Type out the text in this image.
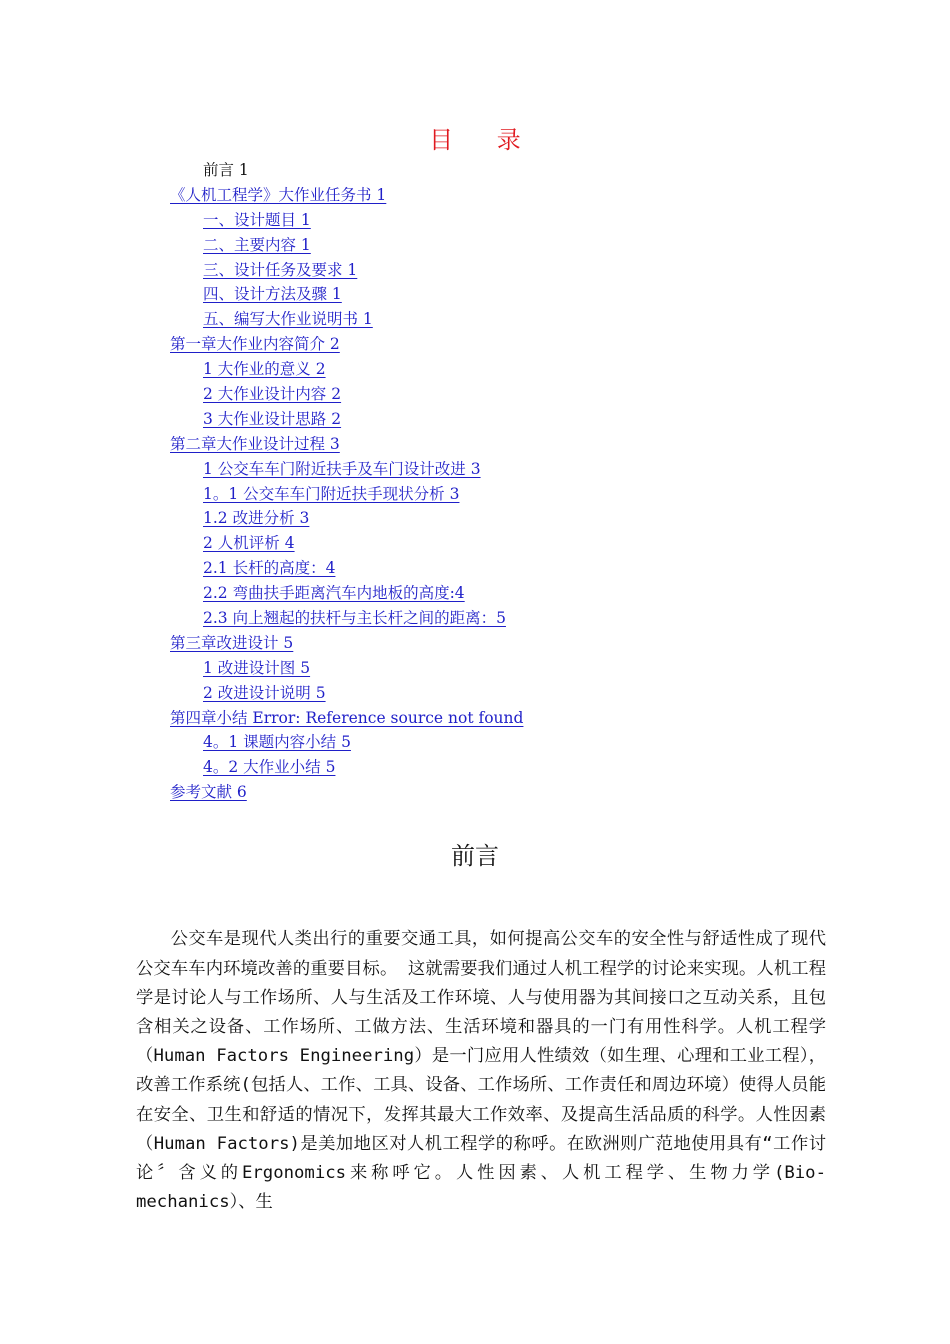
目 录
前言 1
《人机工程学》大作业任务书 1
一、设计题目 1
二、主要内容 1
三、设计任务及要求 1
四、设计方法及骤 1
五、编写大作业说明书 1
第一章大作业内容简介 2
1 大作业的意义 2
2 大作业设计内容 2
3 大作业设计思路 2
第二章大作业设计过程 3
1 公交车车门附近扶手及车门设计改进 3
1。1 公交车车门附近扶手现状分析 3
1.2 改进分析 3
2 人机评析 4
2.1 长杆的高度：4
2.2 弯曲扶手距离汽车内地板的高度:4
2.3 向上翘起的扶杆与主长杆之间的距离：5
第三章改进设计 5
1 改进设计图 5
2 改进设计说明 5
第四章小结 Error: Reference source not found
4。1 课题内容小结 5
4。2 大作业小结 5
参考文献 6
前言

公交车是现代人类出行的重要交通工具，如何提高公交车的安全性与舒适性成了现代公交车车内环境改善的重要目标。 这就需要我们通过人机工程学的讨论来实现。人机工程学是讨论人与工作场所、人与生活及工作环境、人与使用器为其间接口之互动关系，且包含相关之设备、工作场所、工做方法、生活环境和器具的一门有用性科学。人机工程学（Human Factors Engineering）是一门应用人性绩效（如生理、心理和工业工程），改善工作系统(包括人、工作、工具、设备、工作场所、工作责任和周边环境）使得人员能在安全、卫生和舒适的情况下，发挥其最大工作效率、及提高生活品质的科学。人性因素（Human Factors)是美加地区对人机工程学的称呼。在欧洲则广范地使用具有“工作讨论〞含义的Ergonomics来称呼它。人性因素、人机工程学、生物力学(Bio-mechanics）、生
